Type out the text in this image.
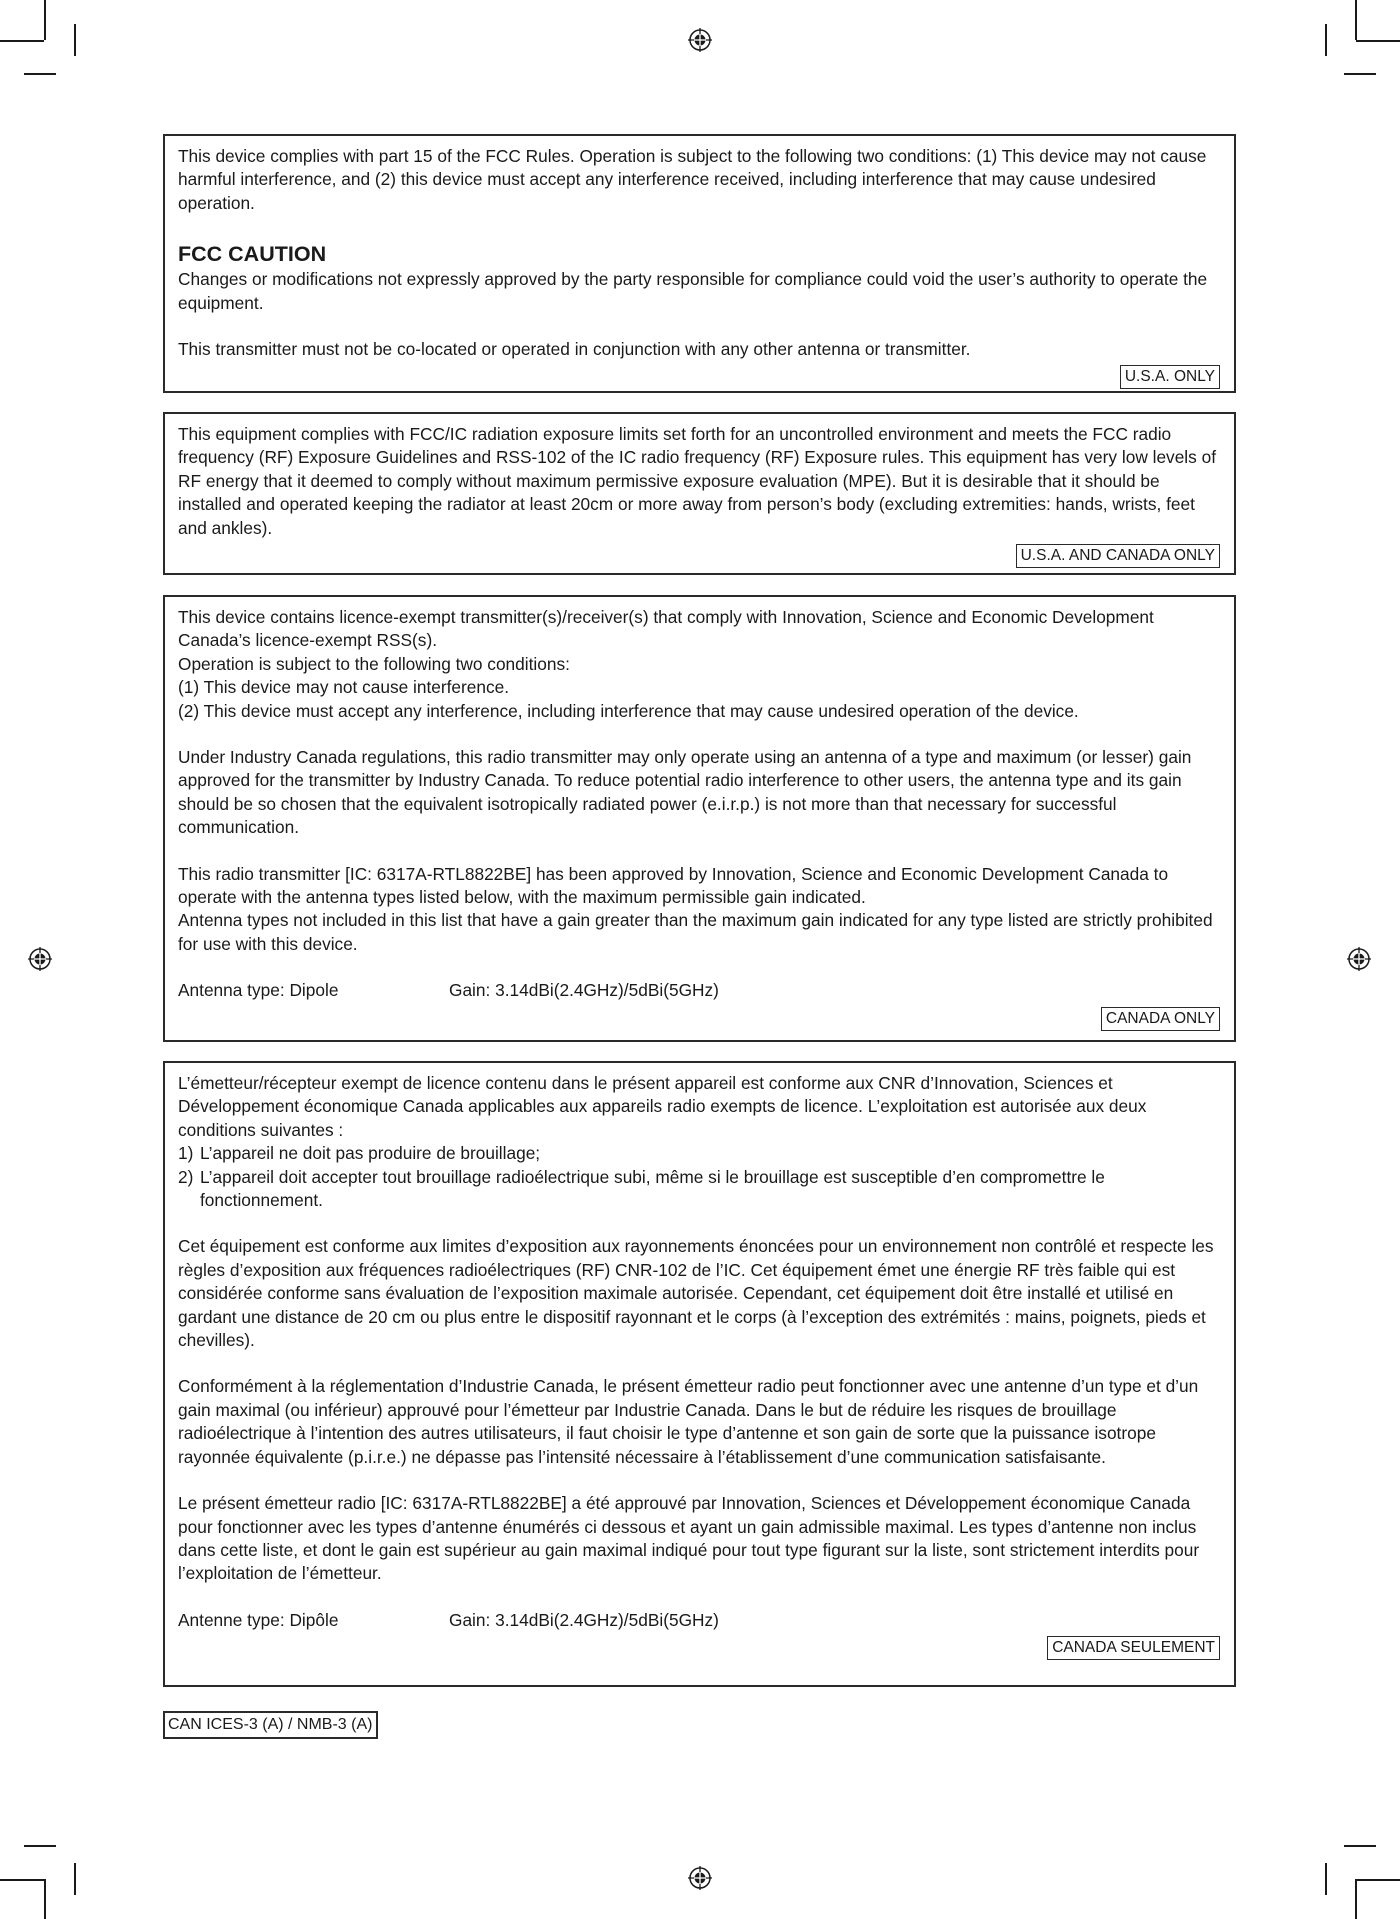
This device complies with part 15 of the FCC Rules. Operation is subject to the following two conditions: (1) This device may not cause harmful interference, and (2) this device must accept any interference received, including interference that may cause undesired operation.

FCC CAUTION

Changes or modifications not expressly approved by the party responsible for compliance could void the user’s authority to operate the equipment.

This transmitter must not be co-located or operated in conjunction with any other antenna or transmitter.

U.S.A. ONLY

This equipment complies with FCC/IC radiation exposure limits set forth for an uncontrolled environment and meets the FCC radio frequency (RF) Exposure Guidelines and RSS-102 of the IC radio frequency (RF) Exposure rules. This equipment has very low levels of RF energy that it deemed to comply without maximum permissive exposure evaluation (MPE). But it is desirable that it should be installed and operated keeping the radiator at least 20cm or more away from person’s body (excluding extremities: hands, wrists, feet and ankles).

U.S.A. AND CANADA ONLY

This device contains licence-exempt transmitter(s)/receiver(s) that comply with Innovation, Science and Economic Development Canada’s licence-exempt RSS(s).

Operation is subject to the following two conditions:

(1) This device may not cause interference.

(2) This device must accept any interference, including interference that may cause undesired operation of the device.

Under Industry Canada regulations, this radio transmitter may only operate using an antenna of a type and maximum (or lesser) gain approved for the transmitter by Industry Canada. To reduce potential radio interference to other users, the antenna type and its gain should be so chosen that the equivalent isotropically radiated power (e.i.r.p.) is not more than that necessary for successful communication.

This radio transmitter [IC: 6317A-RTL8822BE] has been approved by Innovation, Science and Economic Development Canada to operate with the antenna types listed below, with the maximum permissible gain indicated.

Antenna types not included in this list that have a gain greater than the maximum gain indicated for any type listed are strictly prohibited for use with this device.

Antenna type: Dipole	Gain: 3.14dBi(2.4GHz)/5dBi(5GHz)
CANADA ONLY

L’émetteur/récepteur exempt de licence contenu dans le présent appareil est conforme aux CNR d’Innovation, Sciences et Développement économique Canada applicables aux appareils radio exempts de licence. L’exploitation est autorisée aux deux conditions suivantes :

1) L’appareil ne doit pas produire de brouillage;
2) L’appareil doit accepter tout brouillage radioélectrique subi, même si le brouillage est susceptible d’en compromettre le fonctionnement.

Cet équipement est conforme aux limites d’exposition aux rayonnements énoncées pour un environnement non contrôlé et respecte les règles d’exposition aux fréquences radioélectriques (RF) CNR-102 de l’IC. Cet équipement émet une énergie RF très faible qui est considérée conforme sans évaluation de l’exposition maximale autorisée. Cependant, cet équipement doit être installé et utilisé en gardant une distance de 20 cm ou plus entre le dispositif rayonnant et le corps (à l’exception des extrémités : mains, poignets, pieds et chevilles).

Conformément à la réglementation d’Industrie Canada, le présent émetteur radio peut fonctionner avec une antenne d’un type et d’un gain maximal (ou inférieur) approuvé pour l’émetteur par Industrie Canada. Dans le but de réduire les risques de brouillage radioélectrique à l’intention des autres utilisateurs, il faut choisir le type d’antenne et son gain de sorte que la puissance isotrope rayonnée équivalente (p.i.r.e.) ne dépasse pas l’intensité nécessaire à l’établissement d’une communication satisfaisante.

Le présent émetteur radio [IC: 6317A-RTL8822BE] a été approuvé par Innovation, Sciences et Développement économique Canada pour fonctionner avec les types d’antenne énumérés ci dessous et ayant un gain admissible maximal. Les types d’antenne non inclus dans cette liste, et dont le gain est supérieur au gain maximal indiqué pour tout type figurant sur la liste, sont strictement interdits pour l’exploitation de l’émetteur.

Antenne type: Dipôle	Gain: 3.14dBi(2.4GHz)/5dBi(5GHz)
CANADA SEULEMENT
CAN ICES-3 (A) / NMB-3 (A)
